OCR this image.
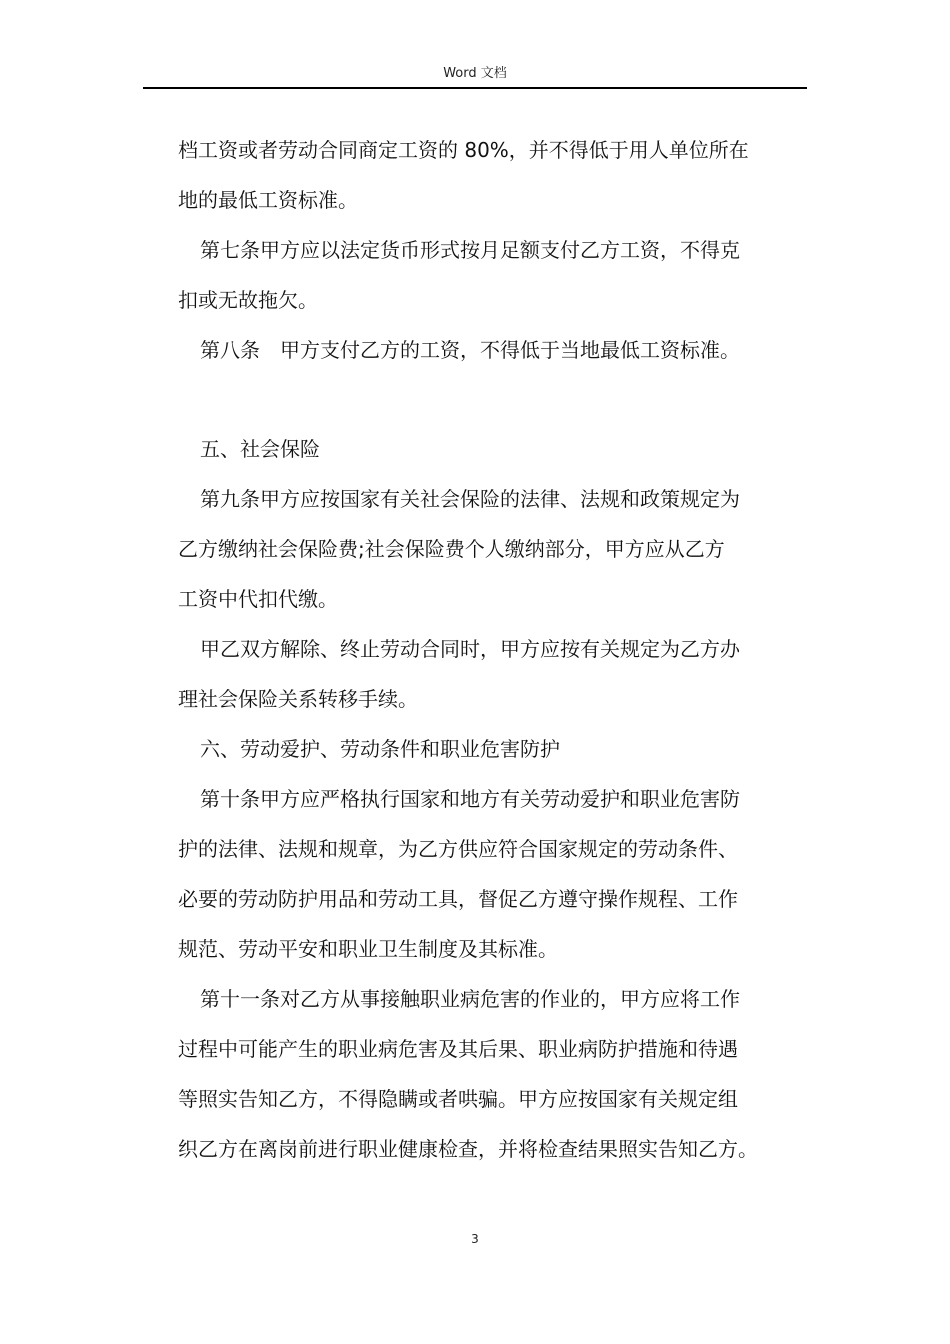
Word 文档
档工资或者劳动合同商定工资的 80%，并不得低于用人单位所在
地的最低工资标准。
第七条甲方应以法定货币形式按月足额支付乙方工资，不得克
扣或无故拖欠。
第八条　甲方支付乙方的工资，不得低于当地最低工资标准。
五、社会保险
第九条甲方应按国家有关社会保险的法律、法规和政策规定为
乙方缴纳社会保险费;社会保险费个人缴纳部分，甲方应从乙方
工资中代扣代缴。
甲乙双方解除、终止劳动合同时，甲方应按有关规定为乙方办
理社会保险关系转移手续。
六、劳动爱护、劳动条件和职业危害防护
第十条甲方应严格执行国家和地方有关劳动爱护和职业危害防
护的法律、法规和规章，为乙方供应符合国家规定的劳动条件、
必要的劳动防护用品和劳动工具，督促乙方遵守操作规程、工作
规范、劳动平安和职业卫生制度及其标准。
第十一条对乙方从事接触职业病危害的作业的，甲方应将工作
过程中可能产生的职业病危害及其后果、职业病防护措施和待遇
等照实告知乙方，不得隐瞒或者哄骗。甲方应按国家有关规定组
织乙方在离岗前进行职业健康检查，并将检查结果照实告知乙方。
3
